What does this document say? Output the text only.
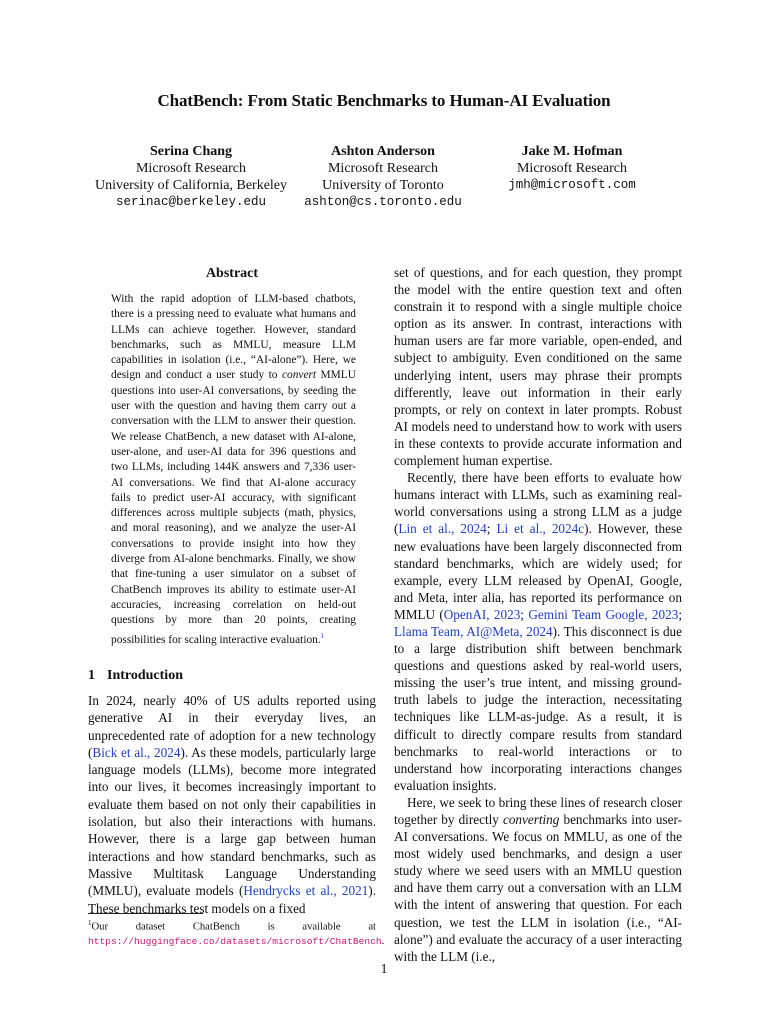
ChatBench: From Static Benchmarks to Human-AI Evaluation
Serina Chang
Microsoft Research
University of California, Berkeley
serinac@berkeley.edu
Ashton Anderson
Microsoft Research
University of Toronto
ashton@cs.toronto.edu
Jake M. Hofman
Microsoft Research
jmh@microsoft.com
Abstract

With the rapid adoption of LLM-based chatbots, there is a pressing need to evaluate what humans and LLMs can achieve together. However, standard benchmarks, such as MMLU, measure LLM capabilities in isolation (i.e., “AI-alone”). Here, we design and conduct a user study to convert MMLU questions into user-AI conversations, by seeding the user with the question and having them carry out a conversation with the LLM to answer their question. We release ChatBench, a new dataset with AI-alone, user-alone, and user-AI data for 396 questions and two LLMs, including 144K answers and 7,336 user-AI conversations. We find that AI-alone accuracy fails to predict user-AI accuracy, with significant differences across multiple subjects (math, physics, and moral reasoning), and we analyze the user-AI conversations to provide insight into how they diverge from AI-alone benchmarks. Finally, we show that fine-tuning a user simulator on a subset of ChatBench improves its ability to estimate user-AI accuracies, increasing correlation on held-out questions by more than 20 points, creating possibilities for scaling interactive evaluation.$^1$

1 Introduction

In 2024, nearly 40% of US adults reported using generative AI in their everyday lives, an unprecedented rate of adoption for a new technology (Bick et al., 2024). As these models, particularly large language models (LLMs), become more integrated into our lives, it becomes increasingly important to evaluate them based on not only their capabilities in isolation, but also their interactions with humans. However, there is a large gap between human interactions and how standard benchmarks, such as Massive Multitask Language Understanding (MMLU), evaluate models (Hendrycks et al., 2021). These benchmarks test models on a fixed

set of questions, and for each question, they prompt the model with the entire question text and often constrain it to respond with a single multiple choice option as its answer. In contrast, interactions with human users are far more variable, open-ended, and subject to ambiguity. Even conditioned on the same underlying intent, users may phrase their prompts differently, leave out information in their early prompts, or rely on context in later prompts. Robust AI models need to understand how to work with users in these contexts to provide accurate information and complement human expertise.

Recently, there have been efforts to evaluate how humans interact with LLMs, such as examining real-world conversations using a strong LLM as a judge (Lin et al., 2024; Li et al., 2024c). However, these new evaluations have been largely disconnected from standard benchmarks, which are widely used; for example, every LLM released by OpenAI, Google, and Meta, inter alia, has reported its performance on MMLU (OpenAI, 2023; Gemini Team Google, 2023; Llama Team, AI@Meta, 2024). This disconnect is due to a large distribution shift between benchmark questions and questions asked by real-world users, missing the user’s true intent, and missing ground-truth labels to judge the interaction, necessitating techniques like LLM-as-judge. As a result, it is difficult to directly compare results from standard benchmarks to real-world interactions or to understand how incorporating interactions changes evaluation insights.

Here, we seek to bring these lines of research closer together by directly converting benchmarks into user-AI conversations. We focus on MMLU, as one of the most widely used benchmarks, and design a user study where we seed users with an MMLU question and have them carry out a conversation with an LLM with the intent of answering that question. For each question, we test the LLM in isolation (i.e., “AI-alone”) and evaluate the accuracy of a user interacting with the LLM (i.e.,

$^1$Our dataset ChatBench is available at https://huggingface.co/datasets/microsoft/ChatBench.
1
